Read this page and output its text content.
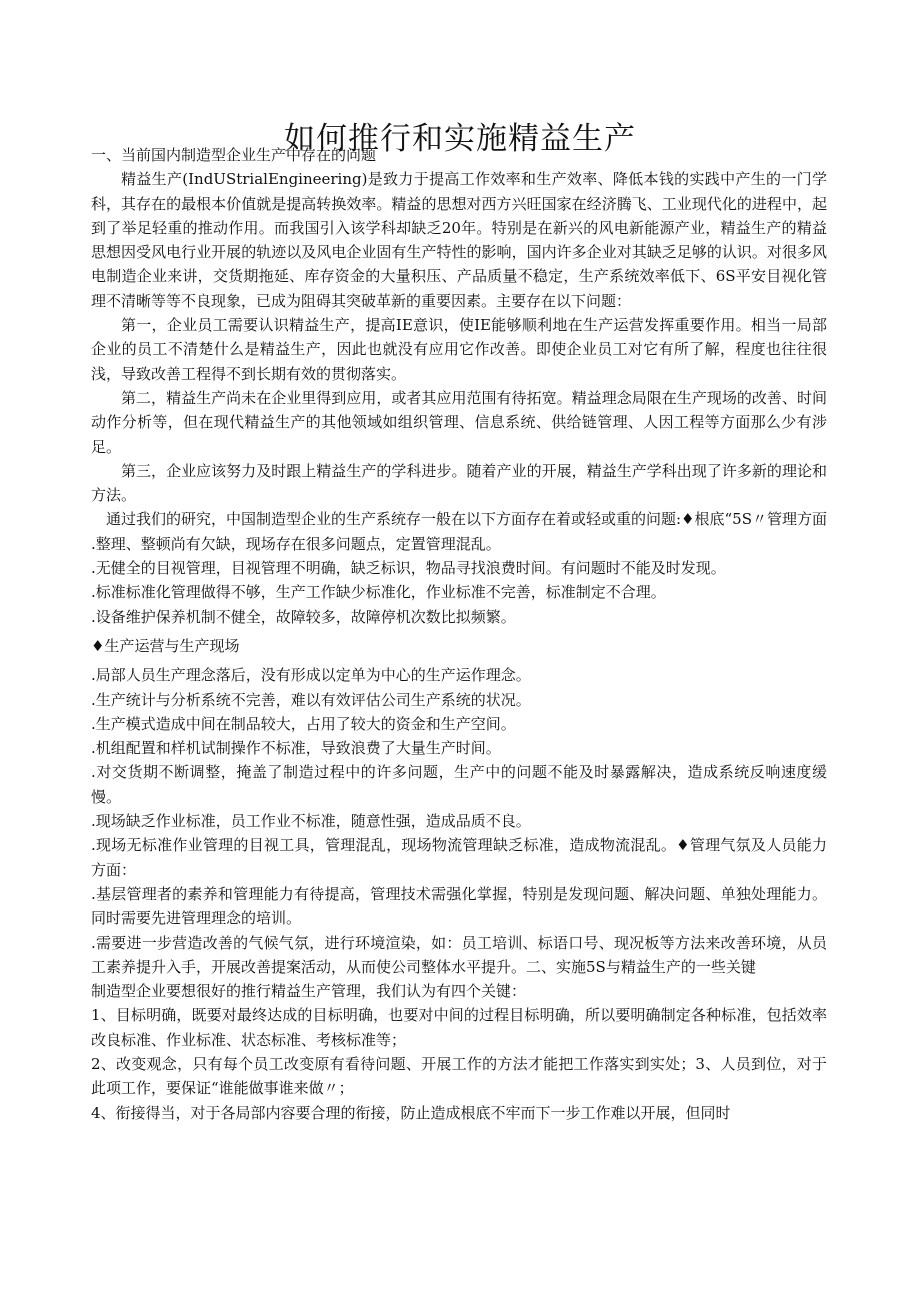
如何推行和实施精益生产

一、当前国内制造型企业生产中存在的问题

精益生产(IndUStrialEngineering)是致力于提高工作效率和生产效率、降低本钱的实践中产生的一门学科，其存在的最根本价值就是提高转换效率。精益的思想对西方兴旺国家在经济腾飞、工业现代化的进程中，起到了举足轻重的推动作用。而我国引入该学科却缺乏20年。特别是在新兴的风电新能源产业，精益生产的精益思想因受风电行业开展的轨迹以及风电企业固有生产特性的影响，国内许多企业对其缺乏足够的认识。对很多风电制造企业来讲，交货期拖延、库存资金的大量积压、产品质量不稳定，生产系统效率低下、6S平安目视化管理不清晰等等不良现象，已成为阻碍其突破革新的重要因素。主要存在以下问题：

第一，企业员工需要认识精益生产，提高IE意识，使IE能够顺利地在生产运营发挥重要作用。相当一局部企业的员工不清楚什么是精益生产，因此也就没有应用它作改善。即使企业员工对它有所了解，程度也往往很浅，导致改善工程得不到长期有效的贯彻落实。

第二，精益生产尚未在企业里得到应用，或者其应用范围有待拓宽。精益理念局限在生产现场的改善、时间动作分析等，但在现代精益生产的其他领域如组织管理、信息系统、供给链管理、人因工程等方面那么少有涉足。

第三，企业应该努力及时跟上精益生产的学科进步。随着产业的开展，精益生产学科出现了许多新的理论和方法。

通过我们的研究，中国制造型企业的生产系统存一般在以下方面存在着或轻或重的问题:♦根底“5S〃管理方面

.整理、整顿尚有欠缺，现场存在很多问题点，定置管理混乱。

.无健全的目视管理，目视管理不明确，缺乏标识，物品寻找浪费时间。有问题时不能及时发现。

.标准标准化管理做得不够，生产工作缺少标准化，作业标准不完善，标准制定不合理。

.设备维护保养机制不健全，故障较多，故障停机次数比拟频繁。

♦生产运营与生产现场

.局部人员生产理念落后，没有形成以定单为中心的生产运作理念。

.生产统计与分析系统不完善，难以有效评估公司生产系统的状况。

.生产模式造成中间在制品较大，占用了较大的资金和生产空间。

.机组配置和样机试制操作不标准，导致浪费了大量生产时间。

.对交货期不断调整，掩盖了制造过程中的许多问题，生产中的问题不能及时暴露解决，造成系统反响速度缓慢。

.现场缺乏作业标准，员工作业不标准，随意性强，造成品质不良。

.现场无标准作业管理的目视工具，管理混乱，现场物流管理缺乏标准，造成物流混乱。♦管理气氛及人员能力方面：

.基层管理者的素养和管理能力有待提高，管理技术需强化掌握，特别是发现问题、解决问题、单独处理能力。同时需要先进管理理念的培训。

.需要进一步营造改善的气候气氛，进行环境渲染，如：员工培训、标语口号、现况板等方法来改善环境，从员工素养提升入手，开展改善提案活动，从而使公司整体水平提升。二、实施5S与精益生产的一些关键

制造型企业要想很好的推行精益生产管理，我们认为有四个关键：

1、目标明确，既要对最终达成的目标明确，也要对中间的过程目标明确，所以要明确制定各种标准，包括效率改良标准、作业标准、状态标准、考核标准等；

2、改变观念，只有每个员工改变原有看待问题、开展工作的方法才能把工作落实到实处；3、人员到位，对于此项工作，要保证“谁能做事谁来做〃；

4、衔接得当，对于各局部内容要合理的衔接，防止造成根底不牢而下一步工作难以开展，但同时
